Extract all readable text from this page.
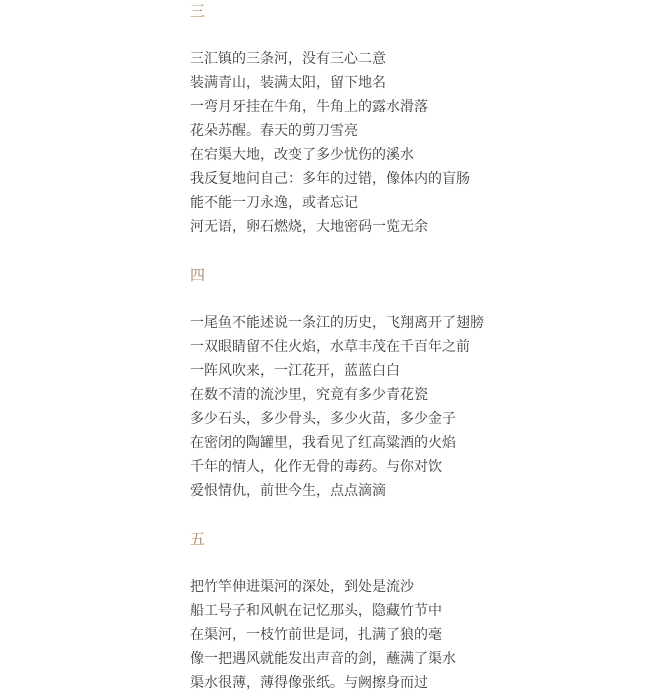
三
三汇镇的三条河，没有三心二意
装满青山，装满太阳，留下地名
一弯月牙挂在牛角，牛角上的露水滑落
花朵苏醒。春天的剪刀雪亮
在宕渠大地，改变了多少忧伤的溪水
我反复地问自己：多年的过错，像体内的盲肠
能不能一刀永逸，或者忘记
河无语，卵石燃烧，大地密码一览无余
四
一尾鱼不能述说一条江的历史，飞翔离开了翅膀
一双眼睛留不住火焰，水草丰茂在千百年之前
一阵风吹来，一江花开，蓝蓝白白
在数不清的流沙里，究竟有多少青花瓷
多少石头，多少骨头，多少火苗，多少金子
在密闭的陶罐里，我看见了红高粱酒的火焰
千年的情人，化作无骨的毒药。与你对饮
爱恨情仇，前世今生，点点滴滴
五
把竹竿伸进渠河的深处，到处是流沙
船工号子和风帆在记忆那头，隐藏竹节中
在渠河，一枝竹前世是词，扎满了狼的毫
像一把遇风就能发出声音的剑，蘸满了渠水
渠水很薄，薄得像张纸。与阙擦身而过
